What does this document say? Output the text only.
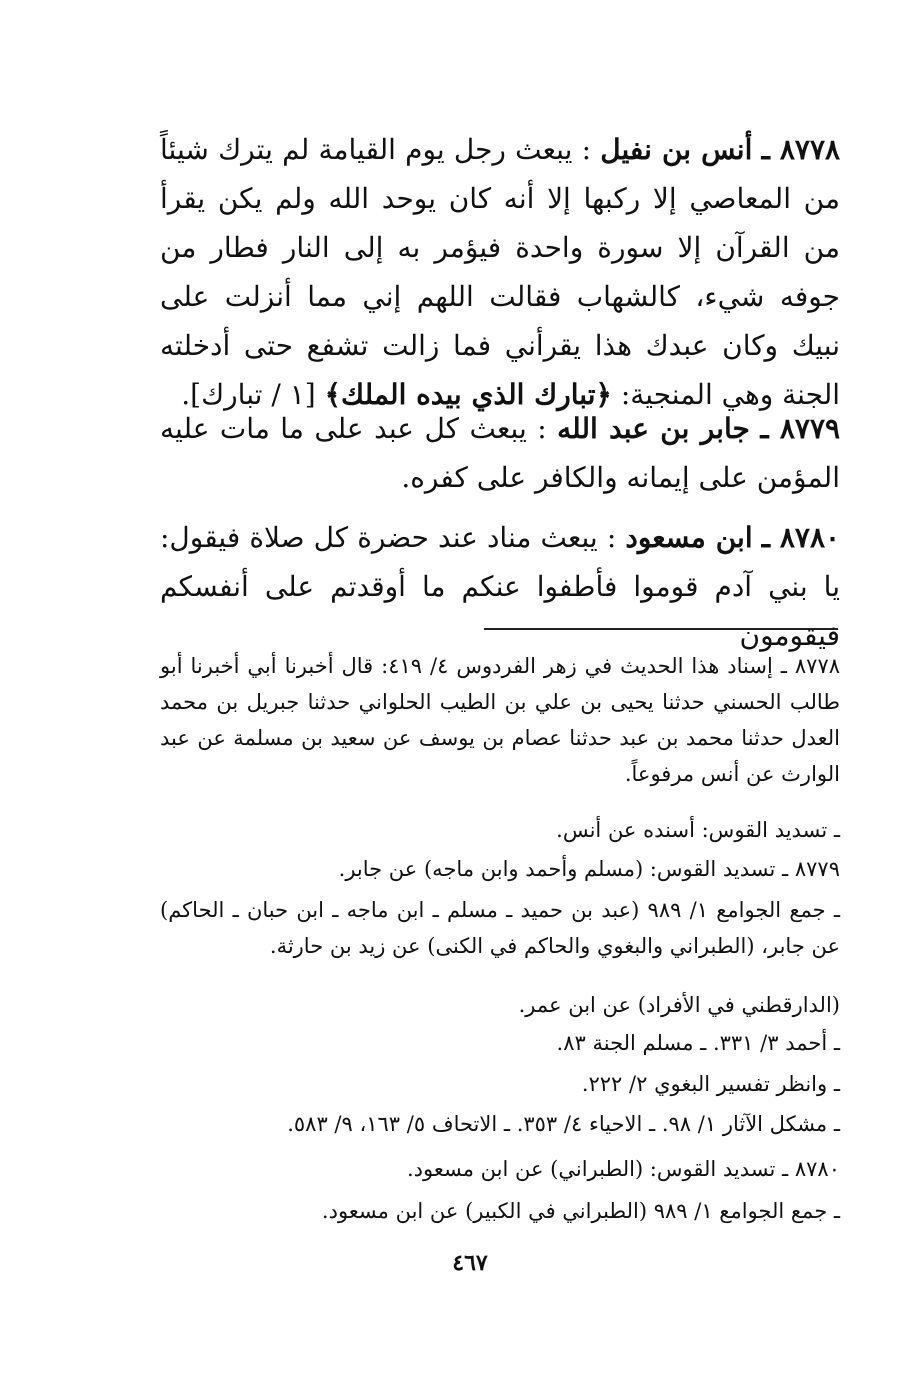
٨٧٧٨ ـ أنس بن نفيل : يبعث رجل يوم القيامة لم يترك شيئاً من المعاصي إلا ركبها إلا أنه كان يوحد الله ولم يكن يقرأ من القرآن إلا سورة واحدة فيؤمر به إلى النار فطار من جوفه شيء، كالشهاب فقالت اللهم إني مما أنزلت على نبيك وكان عبدك هذا يقرأني فما زالت تشفع حتى أدخلته الجنة وهي المنجية: ﴿تبارك الذي بيده الملك﴾ [١ / تبارك].

٨٧٧٩ ـ جابر بن عبد الله : يبعث كل عبد على ما مات عليه المؤمن على إيمانه والكافر على كفره.

٨٧٨٠ ـ ابن مسعود : يبعث مناد عند حضرة كل صلاة فيقول: يا بني آدم قوموا فأطفوا عنكم ما أوقدتم على أنفسكم فيقومون

٨٧٧٨ ـ إسناد هذا الحديث في زهر الفردوس ٤/ ٤١٩: قال أخبرنا أبي أخبرنا أبو طالب الحسني حدثنا يحيى بن علي بن الطيب الحلواني حدثنا جبريل بن محمد العدل حدثنا محمد بن عبد حدثنا عصام بن يوسف عن سعيد بن مسلمة عن عبد الوارث عن أنس مرفوعاً.

ـ تسديد القوس: أسنده عن أنس.

٨٧٧٩ ـ تسديد القوس: (مسلم وأحمد وابن ماجه) عن جابر.

ـ جمع الجوامع ١/ ٩٨٩ (عبد بن حميد ـ مسلم ـ ابن ماجه ـ ابن حبان ـ الحاكم) عن جابر، (الطبراني والبغوي والحاكم في الكنى) عن زيد بن حارثة.

(الدارقطني في الأفراد) عن ابن عمر.

ـ أحمد ٣/ ٣٣١. ـ مسلم الجنة ٨٣.

ـ وانظر تفسير البغوي ٢/ ٢٢٢.

ـ مشكل الآثار ١/ ٩٨. ـ الاحياء ٤/ ٣٥٣. ـ الاتحاف ٥/ ١٦٣، ٩/ ٥٨٣.

٨٧٨٠ ـ تسديد القوس: (الطبراني) عن ابن مسعود.

ـ جمع الجوامع ١/ ٩٨٩ (الطبراني في الكبير) عن ابن مسعود.

٤٦٧
